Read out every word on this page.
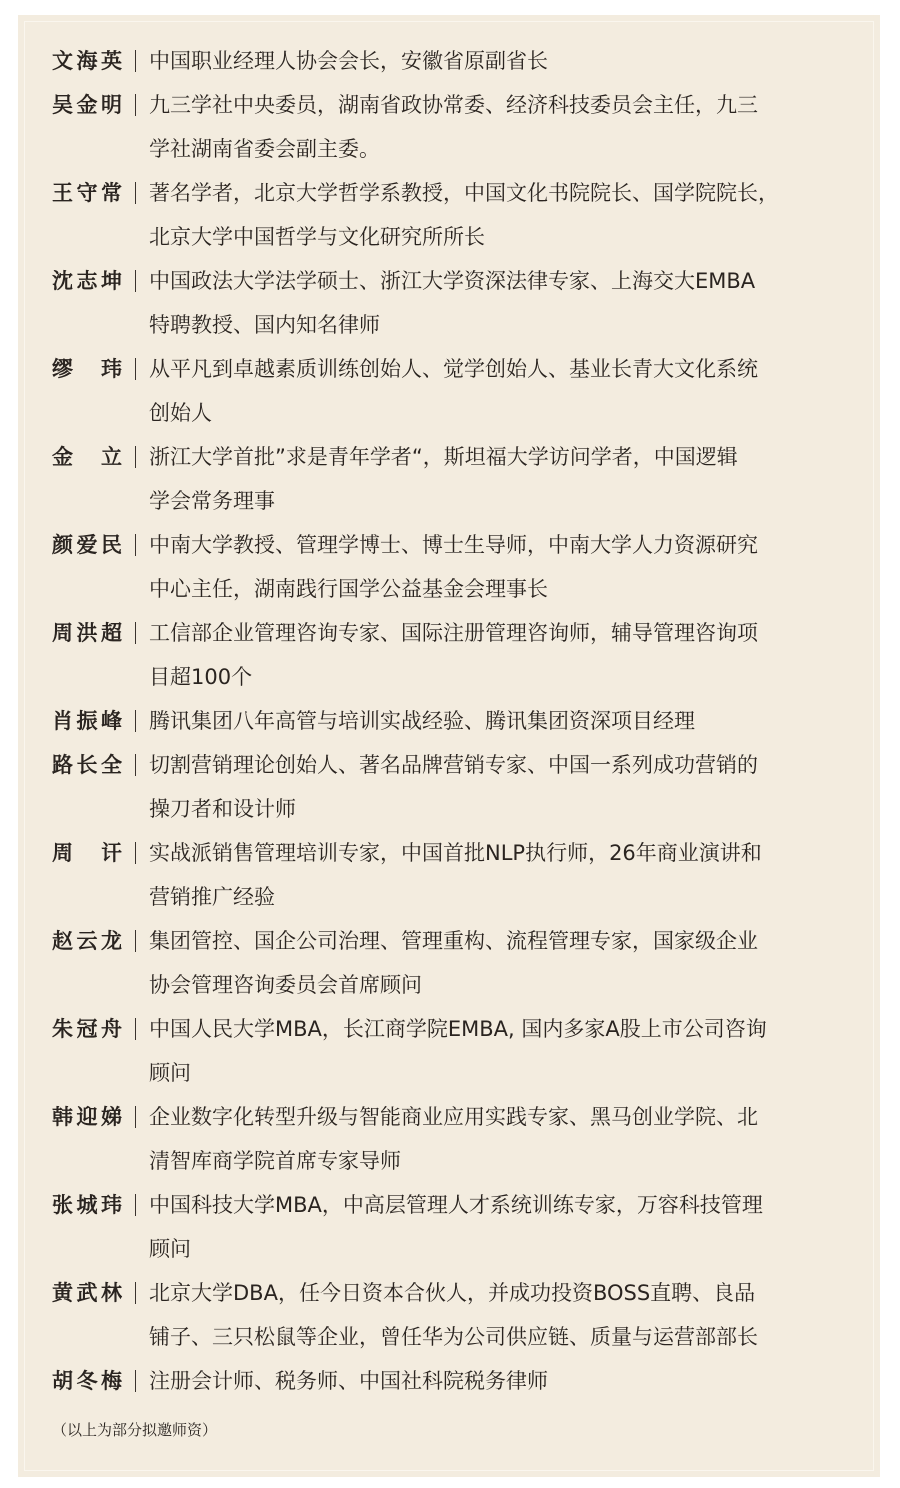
文海英 中国职业经理人协会会长，安徽省原副省长
吴金明 九三学社中央委员，湖南省政协常委、经济科技委员会主任，九三
学社湖南省委会副主委。
王守常 著名学者，北京大学哲学系教授，中国文化书院院长、国学院院长，
北京大学中国哲学与文化研究所所长
沈志坤 中国政法大学法学硕士、浙江大学资深法律专家、上海交大EMBA
特聘教授、国内知名律师
缪玮 从平凡到卓越素质训练创始人、觉学创始人、基业长青大文化系统
创始人
金立 浙江大学首批”求是青年学者“，斯坦福大学访问学者，中国逻辑
学会常务理事
颜爱民 中南大学教授、管理学博士、博士生导师，中南大学人力资源研究
中心主任，湖南践行国学公益基金会理事长
周洪超 工信部企业管理咨询专家、国际注册管理咨询师，辅导管理咨询项
目超100个
肖振峰 腾讯集团八年高管与培训实战经验、腾讯集团资深项目经理
路长全 切割营销理论创始人、著名品牌营销专家、中国一系列成功营销的
操刀者和设计师
周讦 实战派销售管理培训专家，中国首批NLP执行师，26年商业演讲和
营销推广经验
赵云龙 集团管控、国企公司治理、管理重构、流程管理专家，国家级企业
协会管理咨询委员会首席顾问
朱冠舟 中国人民大学MBA，长江商学院EMBA, 国内多家A股上市公司咨询
顾问
韩迎娣 企业数字化转型升级与智能商业应用实践专家、黑马创业学院、北
清智库商学院首席专家导师
张城玮 中国科技大学MBA，中高层管理人才系统训练专家，万容科技管理
顾问
黄武林 北京大学DBA，任今日资本合伙人，并成功投资BOSS直聘、良品
铺子、三只松鼠等企业，曾任华为公司供应链、质量与运营部部长
胡冬梅 注册会计师、税务师、中国社科院税务律师
（以上为部分拟邀师资）
